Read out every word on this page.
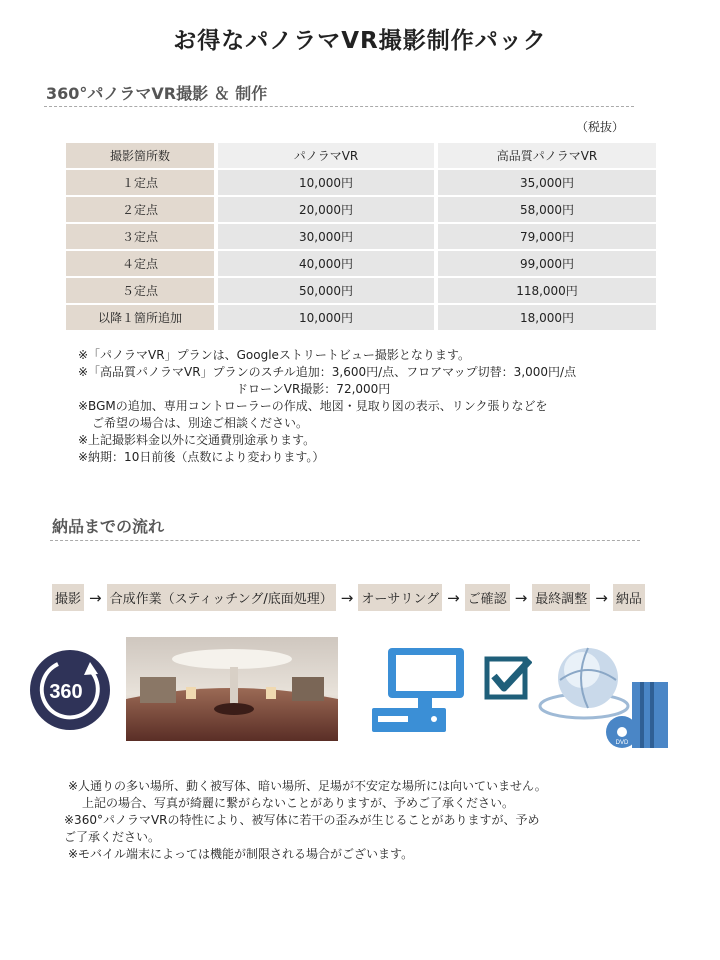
お得なパノラマVR撮影制作パック
360°パノラマVR撮影 ＆ 制作
（税抜）
撮影箇所数		パノラマVR		高品質パノラマVR
１定点		10,000円		35,000円
２定点		20,000円		58,000円
３定点		30,000円		79,000円
４定点		40,000円		99,000円
５定点		50,000円		118,000円
以降１箇所追加		10,000円		18,000円
※「パノラマVR」プランは、Googleストリートビュー撮影となります。
※「高品質パノラマVR」プランのスチル追加：3,600円/点、フロアマップ切替：3,000円/点
ドローンVR撮影：72,000円
※BGMの追加、専用コントローラーの作成、地図・見取り図の表示、リンク張りなどを
ご希望の場合は、別途ご相談ください。
※上記撮影料金以外に交通費別途承ります。
※納期：10日前後（点数により変わります。）
納品までの流れ
撮影 → 合成作業（スティッチング/底面処理） → オーサリング → ご確認 → 最終調整 → 納品
360
DVD
※人通りの多い場所、動く被写体、暗い場所、足場が不安定な場所には向いていません。
上記の場合、写真が綺麗に繋がらないことがありますが、予めご了承ください。
※360°パノラマVRの特性により、被写体に若干の歪みが生じることがありますが、予め
ご了承ください。
※モバイル端末によっては機能が制限される場合がございます。
